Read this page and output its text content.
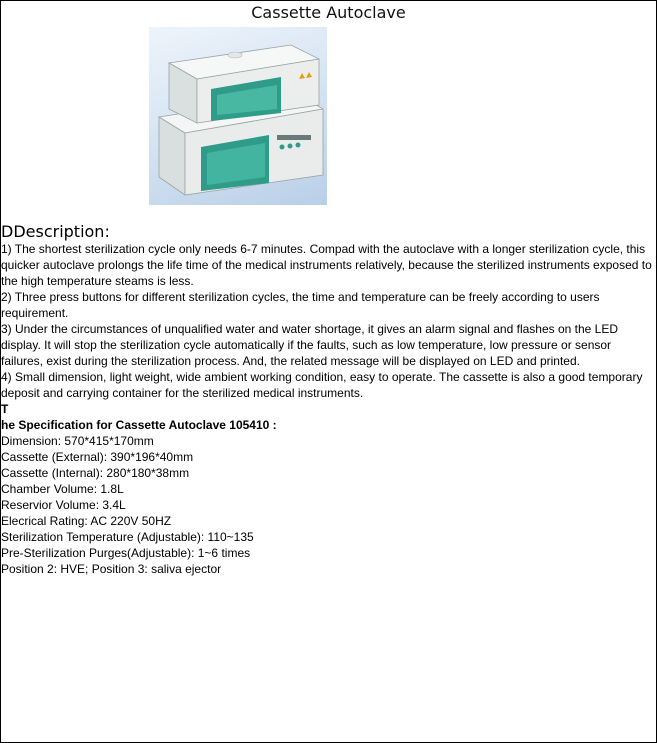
Cassette Autoclave
DDescription:

1) The shortest sterilization cycle only needs 6-7 minutes. Compad with the autoclave with a longer sterilization cycle, this quicker autoclave prolongs the life time of the medical instruments relatively, because the sterilized instruments exposed to the high temperature steams is less.

2) Three press buttons for different sterilization cycles, the time and temperature can be freely according to users requirement.

3) Under the circumstances of unqualified water and water shortage, it gives an alarm signal and flashes on the LED display. It will stop the sterilization cycle automatically if the faults, such as low temperature, low pressure or sensor failures, exist during the sterilization process. And, the related message will be displayed on LED and printed.

4) Small dimension, light weight, wide ambient working condition, easy to operate. The cassette is also a good temporary deposit and carrying container for the sterilized medical instruments.

T

he Specification for Cassette Autoclave 105410 :

Dimension: 570*415*170mm

Cassette (External): 390*196*40mm

Cassette (Internal): 280*180*38mm

Chamber Volume: 1.8L

Reservior Volume: 3.4L

Elecrical Rating: AC 220V 50HZ

Sterilization Temperature (Adjustable): 110~135

Pre-Sterilization Purges(Adjustable): 1~6 times

Position 2: HVE; Position 3: saliva ejector
